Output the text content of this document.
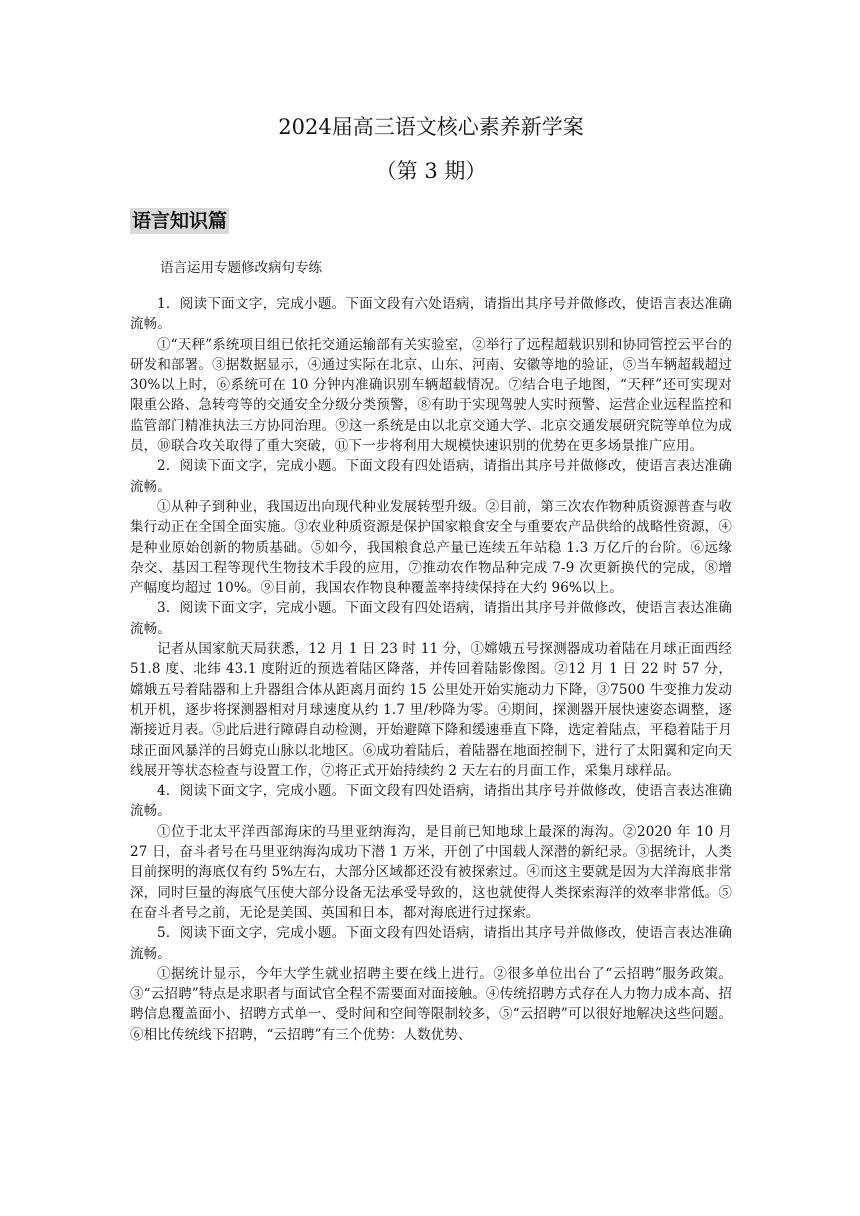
2024届高三语文核心素养新学案
（第 3 期）
语言知识篇
语言运用专题修改病句专练

1．阅读下面文字，完成小题。下面文段有六处语病，请指出其序号并做修改，使语言表达准确流畅。

①“天秤”系统项目组已依托交通运输部有关实验室，②举行了远程超载识别和协同管控云平台的研发和部署。③据数据显示，④通过实际在北京、山东、河南、安徽等地的验证，⑤当车辆超载超过 30%以上时，⑥系统可在 10 分钟内准确识别车辆超载情况。⑦结合电子地图，“天秤”还可实现对限重公路、急转弯等的交通安全分级分类预警，⑧有助于实现驾驶人实时预警、运营企业远程监控和监管部门精准执法三方协同治理。⑨这一系统是由以北京交通大学、北京交通发展研究院等单位为成员，⑩联合攻关取得了重大突破，⑪下一步将利用大规模快速识别的优势在更多场景推广应用。

2．阅读下面文字，完成小题。下面文段有四处语病，请指出其序号并做修改，使语言表达准确流畅。

①从种子到种业，我国迈出向现代种业发展转型升级。②目前，第三次农作物种质资源普查与收集行动正在全国全面实施。③农业种质资源是保护国家粮食安全与重要农产品供给的战略性资源，④是种业原始创新的物质基础。⑤如今，我国粮食总产量已连续五年站稳 1.3 万亿斤的台阶。⑥远缘杂交、基因工程等现代生物技术手段的应用，⑦推动农作物品种完成 7-9 次更新换代的完成，⑧增产幅度均超过 10%。⑨目前，我国农作物良种覆盖率持续保持在大约 96%以上。

3．阅读下面文字，完成小题。下面文段有四处语病，请指出其序号并做修改，使语言表达准确流畅。

记者从国家航天局获悉，12 月 1 日 23 时 11 分，①嫦娥五号探测器成功着陆在月球正面西经 51.8 度、北纬 43.1 度附近的预选着陆区降落，并传回着陆影像图。②12 月 1 日 22 时 57 分，嫦娥五号着陆器和上升器组合体从距离月面约 15 公里处开始实施动力下降，③7500 牛变推力发动机开机，逐步将探测器相对月球速度从约 1.7 里/秒降为零。④期间，探测器开展快速姿态调整，逐渐接近月表。⑤此后进行障碍自动检测，开始避障下降和缓速垂直下降，选定着陆点，平稳着陆于月球正面风暴洋的吕姆克山脉以北地区。⑥成功着陆后，着陆器在地面控制下，进行了太阳翼和定向天线展开等状态检查与设置工作，⑦将正式开始持续约 2 天左右的月面工作，采集月球样品。

4．阅读下面文字，完成小题。下面文段有四处语病，请指出其序号并做修改，使语言表达准确流畅。

①位于北太平洋西部海床的马里亚纳海沟，是目前已知地球上最深的海沟。②2020 年 10 月 27 日，奋斗者号在马里亚纳海沟成功下潜 1 万米，开创了中国载人深潜的新纪录。③据统计，人类目前探明的海底仅有约 5%左右，大部分区域都还没有被探索过。④而这主要就是因为大洋海底非常深，同时巨量的海底气压使大部分设备无法承受导致的，这也就使得人类探索海洋的效率非常低。⑤在奋斗者号之前，无论是美国、英国和日本，都对海底进行过探索。

5．阅读下面文字，完成小题。下面文段有四处语病，请指出其序号并做修改，使语言表达准确流畅。

①据统计显示，今年大学生就业招聘主要在线上进行。②很多单位出台了“云招聘”服务政策。③“云招聘”特点是求职者与面试官全程不需要面对面接触。④传统招聘方式存在人力物力成本高、招聘信息覆盖面小、招聘方式单一、受时间和空间等限制较多，⑤“云招聘”可以很好地解决这些问题。⑥相比传统线下招聘，“云招聘”有三个优势：人数优势、
